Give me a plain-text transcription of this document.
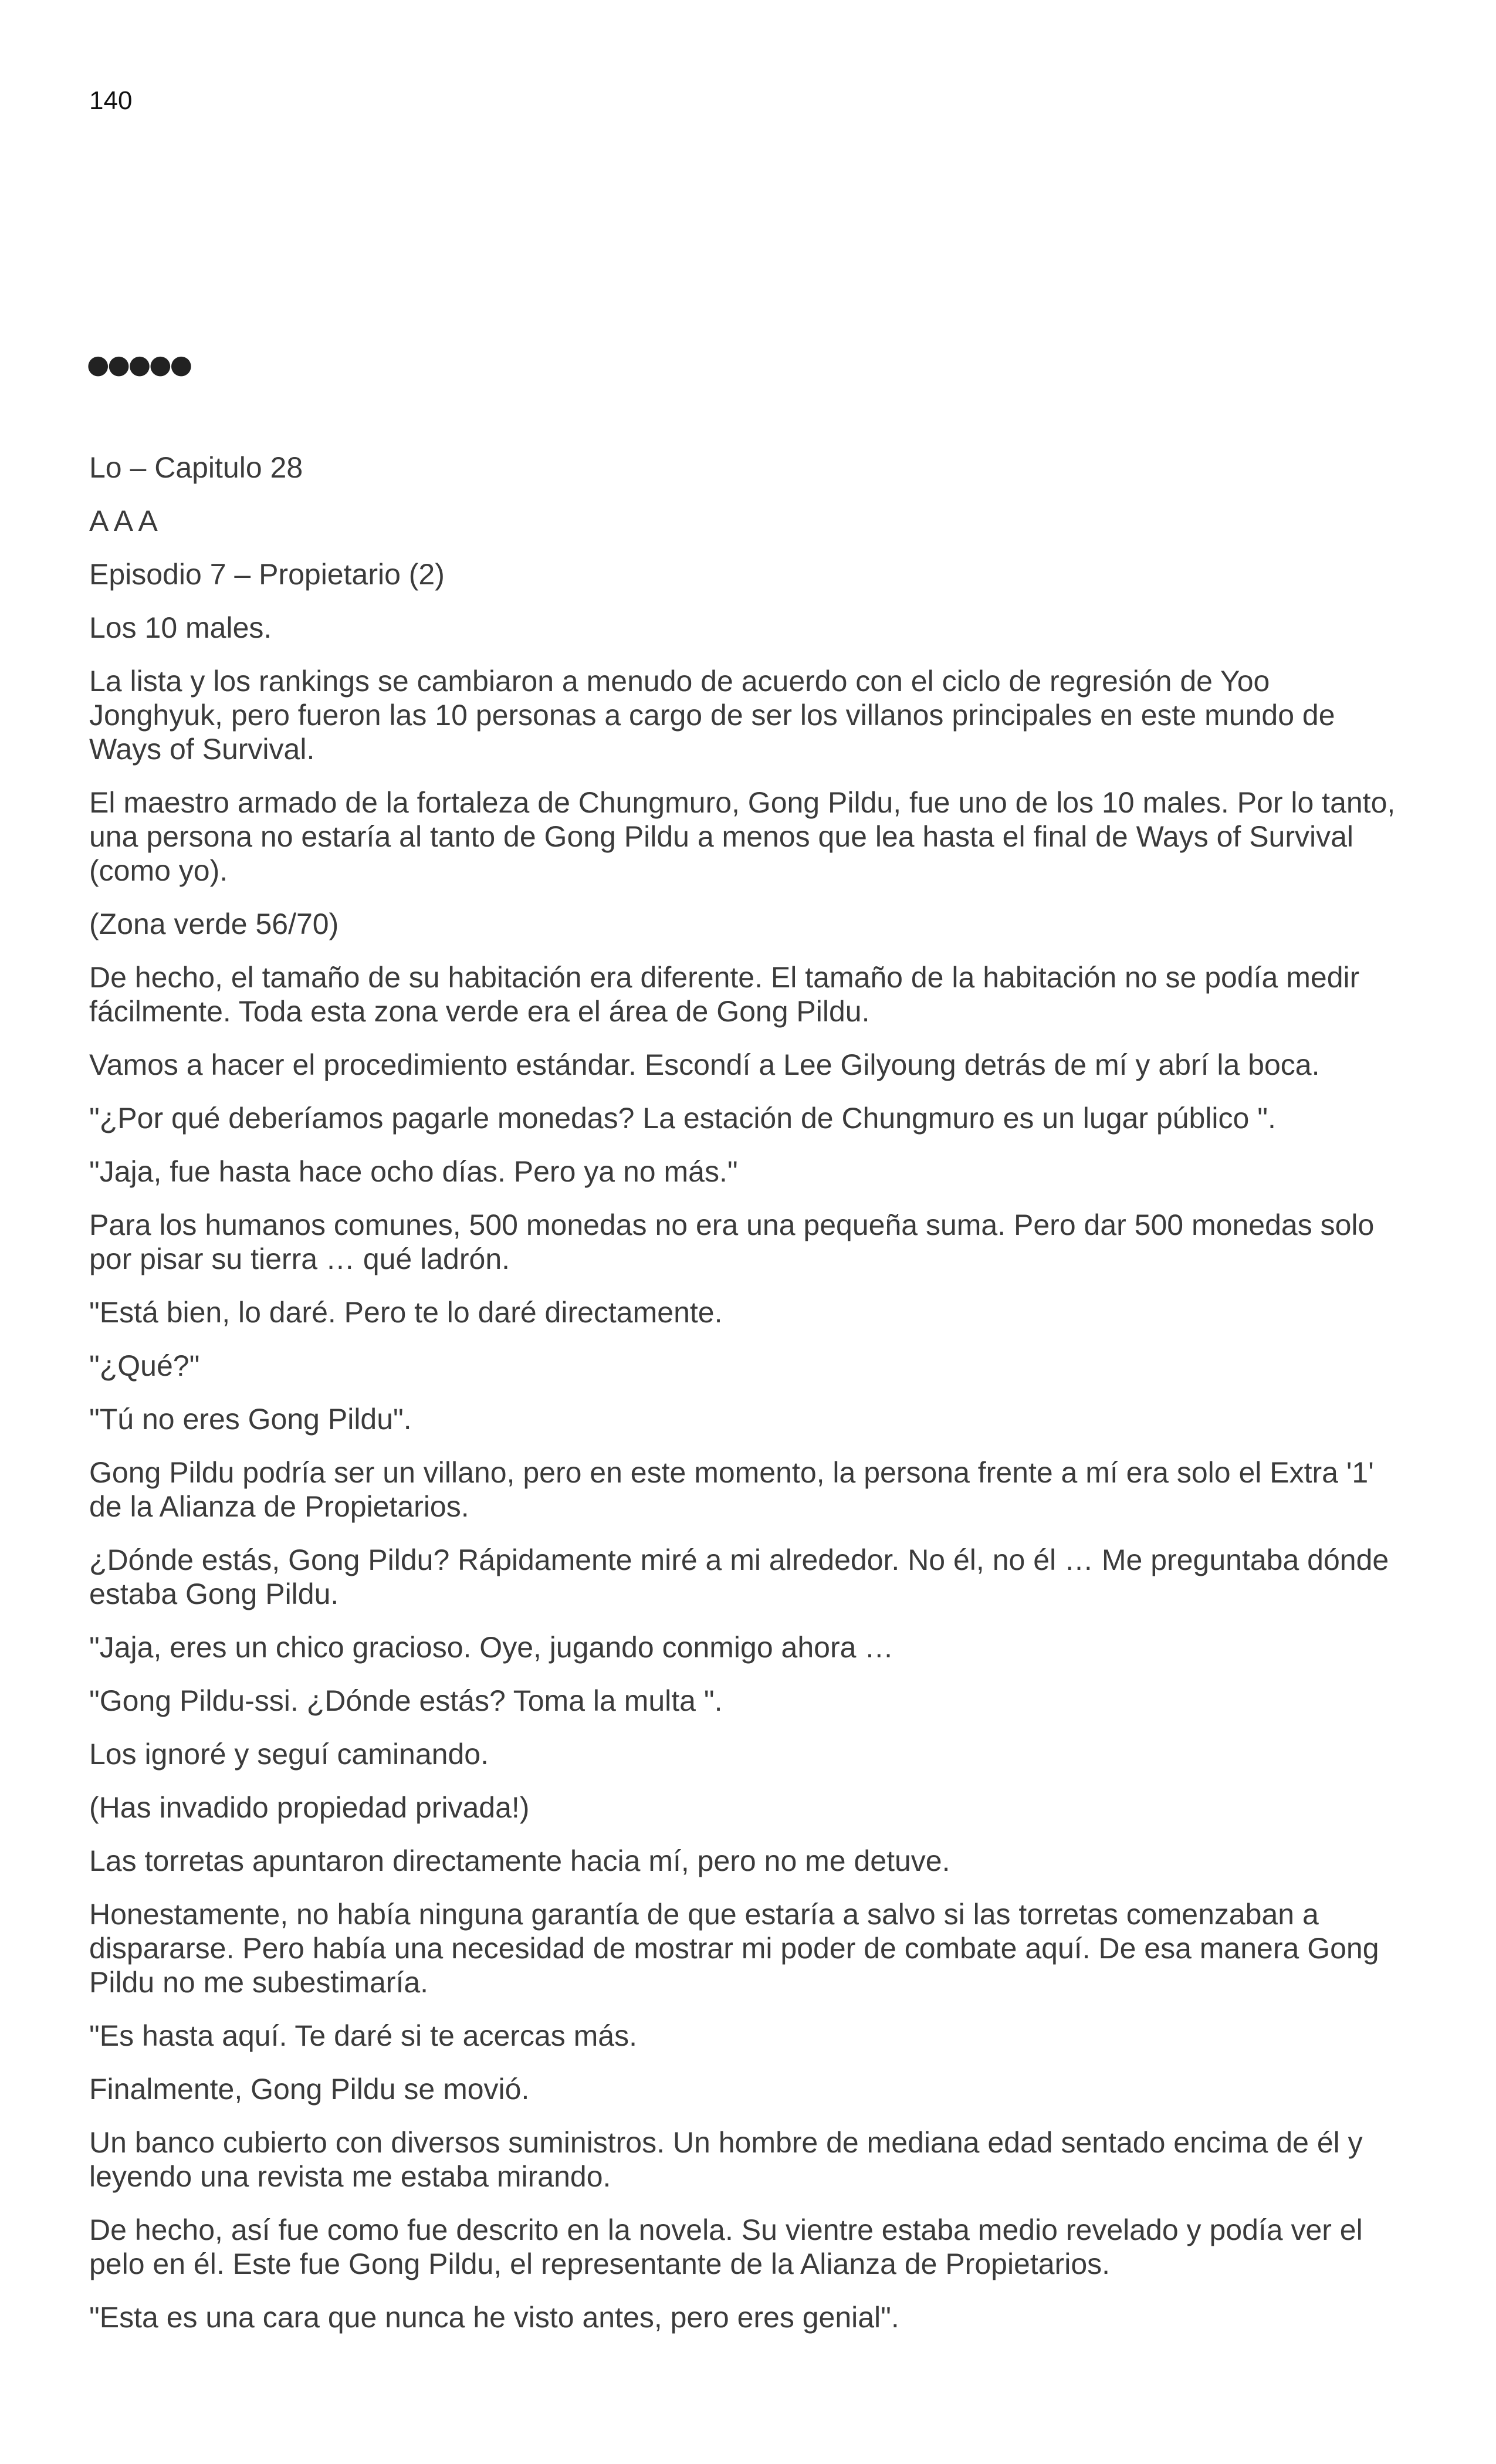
140
●●●●●

Lo – Capitulo 28

A A A

Episodio 7 – Propietario (2)

Los 10 males.

La lista y los rankings se cambiaron a menudo de acuerdo con el ciclo de regresión de Yoo Jonghyuk, pero fueron las 10 personas a cargo de ser los villanos principales en este mundo de Ways of Survival.

El maestro armado de la fortaleza de Chungmuro, Gong Pildu, fue uno de los 10 males. Por lo tanto, una persona no estaría al tanto de Gong Pildu a menos que lea hasta el final de Ways of Survival (como yo).

(Zona verde 56/70)

De hecho, el tamaño de su habitación era diferente. El tamaño de la habitación no se podía medir fácilmente. Toda esta zona verde era el área de Gong Pildu.

Vamos a hacer el procedimiento estándar. Escondí a Lee Gilyoung detrás de mí y abrí la boca.

"¿Por qué deberíamos pagarle monedas? La estación de Chungmuro es un lugar público ".

"Jaja, fue hasta hace ocho días. Pero ya no más."

Para los humanos comunes, 500 monedas no era una pequeña suma. Pero dar 500 monedas solo por pisar su tierra … qué ladrón.

"Está bien, lo daré. Pero te lo daré directamente.

"¿Qué?"

"Tú no eres Gong Pildu".

Gong Pildu podría ser un villano, pero en este momento, la persona frente a mí era solo el Extra '1' de la Alianza de Propietarios.

¿Dónde estás, Gong Pildu? Rápidamente miré a mi alrededor. No él, no él … Me preguntaba dónde estaba Gong Pildu.

"Jaja, eres un chico gracioso. Oye, jugando conmigo ahora …

"Gong Pildu-ssi. ¿Dónde estás? Toma la multa ".

Los ignoré y seguí caminando.

(Has invadido propiedad privada!)

Las torretas apuntaron directamente hacia mí, pero no me detuve.

Honestamente, no había ninguna garantía de que estaría a salvo si las torretas comenzaban a dispararse. Pero había una necesidad de mostrar mi poder de combate aquí. De esa manera Gong Pildu no me subestimaría.

"Es hasta aquí. Te daré si te acercas más.

Finalmente, Gong Pildu se movió.

Un banco cubierto con diversos suministros. Un hombre de mediana edad sentado encima de él y leyendo una revista me estaba mirando.

De hecho, así fue como fue descrito en la novela. Su vientre estaba medio revelado y podía ver el pelo en él. Este fue Gong Pildu, el representante de la Alianza de Propietarios.

"Esta es una cara que nunca he visto antes, pero eres genial".
